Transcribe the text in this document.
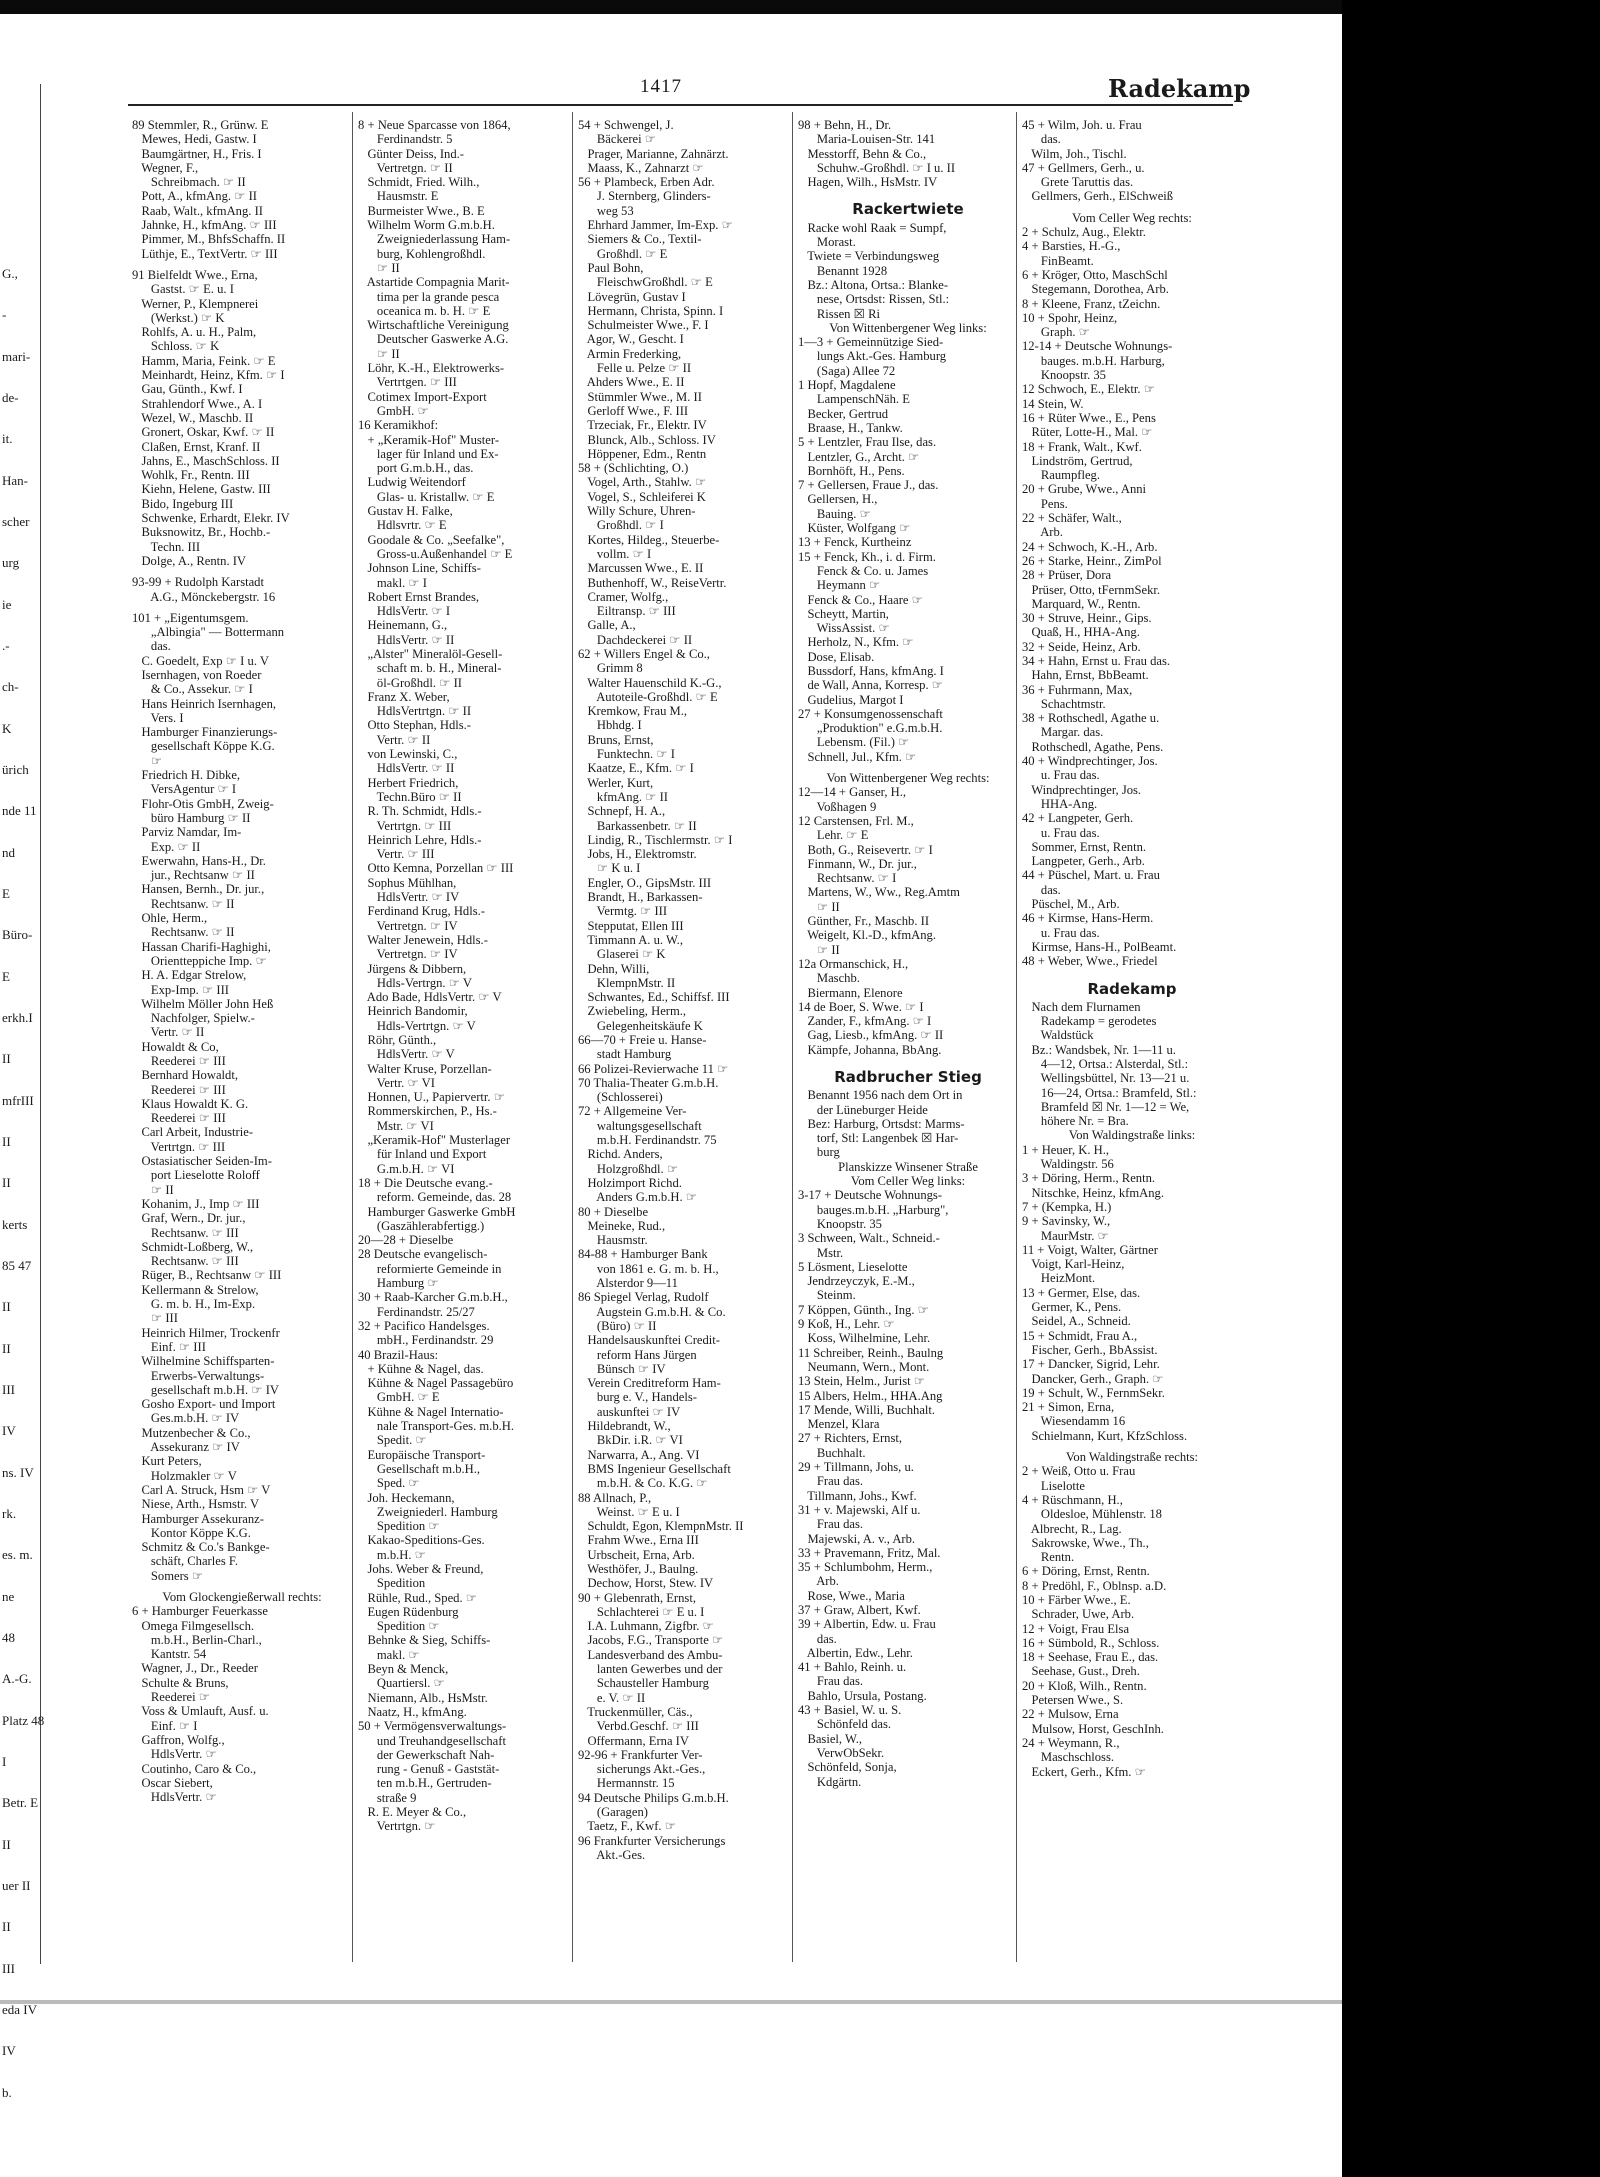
G.,
-
mari-
de-
it.
Han-
scher
urg
ie
.-
ch-
K
ürich
nde 11
nd
E
Büro-
E
erkh.I
II
mfrIII
II
II
kerts
85 47
II
II
III
IV
ns. IV
rk.
es. m.
ne
48
A.-G.
Platz 48
I
Betr. E
II
uer II
II
III
eda IV
IV
b.
1417	Radekamp
89 Stemmler, R., Grünw. E
Mewes, Hedi, Gastw. I
Baumgärtner, H., Fris. I
Wegner, F.,
Schreibmach. ☞ II
Pott, A., kfmAng. ☞ II
Raab, Walt., kfmAng. II
Jahnke, H., kfmAng. ☞ III
Pimmer, M., BhfsSchaffn. II
Lüthje, E., TextVertr. ☞ III
91 Bielfeldt Wwe., Erna,
Gastst. ☞ E. u. I
Werner, P., Klempnerei
(Werkst.) ☞ K
Rohlfs, A. u. H., Palm,
Schloss. ☞ K
Hamm, Maria, Feink. ☞ E
Meinhardt, Heinz, Kfm. ☞ I
Gau, Günth., Kwf. I
Strahlendorf Wwe., A. I
Wezel, W., Maschb. II
Gronert, Oskar, Kwf. ☞ II
Claßen, Ernst, Kranf. II
Jahns, E., MaschSchloss. II
Wohlk, Fr., Rentn. III
Kiehn, Helene, Gastw. III
Bido, Ingeburg III
Schwenke, Erhardt, Elekr. IV
Buksnowitz, Br., Hochb.-
Techn. III
Dolge, A., Rentn. IV
93-99 + Rudolph Karstadt
A.G., Mönckebergstr. 16
101 + „Eigentumsgem.
„Albingia" — Bottermann
das.
C. Goedelt, Exp ☞ I u. V
Isernhagen, von Roeder
& Co., Assekur. ☞ I
Hans Heinrich Isernhagen,
Vers. I
Hamburger Finanzierungs-
gesellschaft Köppe K.G.
☞
Friedrich H. Dibke,
VersAgentur ☞ I
Flohr-Otis GmbH, Zweig-
büro Hamburg ☞ II
Parviz Namdar, Im-
Exp. ☞ II
Ewerwahn, Hans-H., Dr.
jur., Rechtsanw ☞ II
Hansen, Bernh., Dr. jur.,
Rechtsanw. ☞ II
Ohle, Herm.,
Rechtsanw. ☞ II
Hassan Charifi-Haghighi,
Orientteppiche Imp. ☞
H. A. Edgar Strelow,
Exp-Imp. ☞ III
Wilhelm Möller John Heß
Nachfolger, Spielw.-
Vertr. ☞ II
Howaldt & Co,
Reederei ☞ III
Bernhard Howaldt,
Reederei ☞ III
Klaus Howaldt K. G.
Reederei ☞ III
Carl Arbeit, Industrie-
Vertrtgn. ☞ III
Ostasiatischer Seiden-Im-
port Lieselotte Roloff
☞ II
Kohanim, J., Imp ☞ III
Graf, Wern., Dr. jur.,
Rechtsanw. ☞ III
Schmidt-Loßberg, W.,
Rechtsanw. ☞ III
Rüger, B., Rechtsanw ☞ III
Kellermann & Strelow,
G. m. b. H., Im-Exp.
☞ III
Heinrich Hilmer, Trockenfr
Einf. ☞ III
Wilhelmine Schiffsparten-
Erwerbs-Verwaltungs-
gesellschaft m.b.H. ☞ IV
Gosho Export- und Import
Ges.m.b.H. ☞ IV
Mutzenbecher & Co.,
Assekuranz ☞ IV
Kurt Peters,
Holzmakler ☞ V
Carl A. Struck, Hsm ☞ V
Niese, Arth., Hsmstr. V
Hamburger Assekuranz-
Kontor Köppe K.G.
Schmitz & Co.'s Bankge-
schäft, Charles F.
Somers ☞
Vom Glockengießerwall rechts:
6 + Hamburger Feuerkasse
Omega Filmgesellsch.
m.b.H., Berlin-Charl.,
Kantstr. 54
Wagner, J., Dr., Reeder
Schulte & Bruns,
Reederei ☞
Voss & Umlauft, Ausf. u.
Einf. ☞ I
Gaffron, Wolfg.,
HdlsVertr. ☞
Coutinho, Caro & Co.,
Oscar Siebert,
HdlsVertr. ☞
8 + Neue Sparcasse von 1864,
Ferdinandstr. 5
Günter Deiss, Ind.-
Vertretgn. ☞ II
Schmidt, Fried. Wilh.,
Hausmstr. E
Burmeister Wwe., B. E
Wilhelm Worm G.m.b.H.
Zweigniederlassung Ham-
burg, Kohlengroßhdl.
☞ II
Astartide Compagnia Marit-
tima per la grande pesca
oceanica m. b. H. ☞ E
Wirtschaftliche Vereinigung
Deutscher Gaswerke A.G.
☞ II
Löhr, K.-H., Elektrowerks-
Vertrtgen. ☞ III
Cotimex Import-Export
GmbH. ☞
16 Keramikhof:
+ „Keramik-Hof" Muster-
lager für Inland und Ex-
port G.m.b.H., das.
Ludwig Weitendorf
Glas- u. Kristallw. ☞ E
Gustav H. Falke,
Hdlsvrtr. ☞ E
Goodale & Co. „Seefalke",
Gross-u.Außenhandel ☞ E
Johnson Line, Schiffs-
makl. ☞ I
Robert Ernst Brandes,
HdlsVertr. ☞ I
Heinemann, G.,
HdlsVertr. ☞ II
„Alster" Mineralöl-Gesell-
schaft m. b. H., Mineral-
öl-Großhdl. ☞ II
Franz X. Weber,
HdlsVertrtgn. ☞ II
Otto Stephan, Hdls.-
Vertr. ☞ II
von Lewinski, C.,
HdlsVertr. ☞ II
Herbert Friedrich,
Techn.Büro ☞ II
R. Th. Schmidt, Hdls.-
Vertrtgn. ☞ III
Heinrich Lehre, Hdls.-
Vertr. ☞ III
Otto Kemna, Porzellan ☞ III
Sophus Mühlhan,
HdlsVertr. ☞ IV
Ferdinand Krug, Hdls.-
Vertretgn. ☞ IV
Walter Jenewein, Hdls.-
Vertretgn. ☞ IV
Jürgens & Dibbern,
Hdls-Vertrgn. ☞ V
Ado Bade, HdlsVertr. ☞ V
Heinrich Bandomir,
Hdls-Vertrtgn. ☞ V
Röhr, Günth.,
HdlsVertr. ☞ V
Walter Kruse, Porzellan-
Vertr. ☞ VI
Honnen, U., Papiervertr. ☞
Rommerskirchen, P., Hs.-
Mstr. ☞ VI
„Keramik-Hof" Musterlager
für Inland und Export
G.m.b.H. ☞ VI
18 + Die Deutsche evang.-
reform. Gemeinde, das. 28
Hamburger Gaswerke GmbH
(Gaszählerabfertigg.)
20—28 + Dieselbe
28 Deutsche evangelisch-
reformierte Gemeinde in
Hamburg ☞
30 + Raab-Karcher G.m.b.H.,
Ferdinandstr. 25/27
32 + Pacifico Handelsges.
mbH., Ferdinandstr. 29
40 Brazil-Haus:
+ Kühne & Nagel, das.
Kühne & Nagel Passagebüro
GmbH. ☞ E
Kühne & Nagel Internatio-
nale Transport-Ges. m.b.H.
Spedit. ☞
Europäische Transport-
Gesellschaft m.b.H.,
Sped. ☞
Joh. Heckemann,
Zweigniederl. Hamburg
Spedition ☞
Kakao-Speditions-Ges.
m.b.H. ☞
Johs. Weber & Freund,
Spedition
Rühle, Rud., Sped. ☞
Eugen Rüdenburg
Spedition ☞
Behnke & Sieg, Schiffs-
makl. ☞
Beyn & Menck,
Quartiersl. ☞
Niemann, Alb., HsMstr.
Naatz, H., kfmAng.
50 + Vermögensverwaltungs-
und Treuhandgesellschaft
der Gewerkschaft Nah-
rung - Genuß - Gaststät-
ten m.b.H., Gertruden-
straße 9
R. E. Meyer & Co.,
Vertrtgn. ☞
54 + Schwengel, J.
Bäckerei ☞
Prager, Marianne, Zahnärzt.
Maass, K., Zahnarzt ☞
56 + Plambeck, Erben Adr.
J. Sternberg, Glinders-
weg 53
Ehrhard Jammer, Im-Exp. ☞
Siemers & Co., Textil-
Großhdl. ☞ E
Paul Bohn,
FleischwGroßhdl. ☞ E
Lövegrün, Gustav I
Hermann, Christa, Spinn. I
Schulmeister Wwe., F. I
Agor, W., Gescht. I
Armin Frederking,
Felle u. Pelze ☞ II
Ahders Wwe., E. II
Stümmler Wwe., M. II
Gerloff Wwe., F. III
Trzeciak, Fr., Elektr. IV
Blunck, Alb., Schloss. IV
Höppener, Edm., Rentn
58 + (Schlichting, O.)
Vogel, Arth., Stahlw. ☞
Vogel, S., Schleiferei K
Willy Schure, Uhren-
Großhdl. ☞ I
Kortes, Hildeg., Steuerbe-
vollm. ☞ I
Marcussen Wwe., E. II
Buthenhoff, W., ReiseVertr.
Cramer, Wolfg.,
Eiltransp. ☞ III
Galle, A.,
Dachdeckerei ☞ II
62 + Willers Engel & Co.,
Grimm 8
Walter Hauenschild K.-G.,
Autoteile-Großhdl. ☞ E
Kremkow, Frau M.,
Hbhdg. I
Bruns, Ernst,
Funktechn. ☞ I
Kaatze, E., Kfm. ☞ I
Werler, Kurt,
kfmAng. ☞ II
Schnepf, H. A.,
Barkassenbetr. ☞ II
Lindig, R., Tischlermstr. ☞ I
Jobs, H., Elektromstr.
☞ K u. I
Engler, O., GipsMstr. III
Brandt, H., Barkassen-
Vermtg. ☞ III
Stepputat, Ellen III
Timmann A. u. W.,
Glaserei ☞ K
Dehn, Willi,
KlempnMstr. II
Schwantes, Ed., Schiffsf. III
Zwiebeling, Herm.,
Gelegenheitskäufe K
66—70 + Freie u. Hanse-
stadt Hamburg
66 Polizei-Revierwache 11 ☞
70 Thalia-Theater G.m.b.H.
(Schlosserei)
72 + Allgemeine Ver-
waltungsgesellschaft
m.b.H. Ferdinandstr. 75
Richd. Anders,
Holzgroßhdl. ☞
Holzimport Richd.
Anders G.m.b.H. ☞
80 + Dieselbe
Meineke, Rud.,
Hausmstr.
84-88 + Hamburger Bank
von 1861 e. G. m. b. H.,
Alsterdor 9—11
86 Spiegel Verlag, Rudolf
Augstein G.m.b.H. & Co.
(Büro) ☞ II
Handelsauskunftei Credit-
reform Hans Jürgen
Bünsch ☞ IV
Verein Creditreform Ham-
burg e. V., Handels-
auskunftei ☞ IV
Hildebrandt, W.,
BkDir. i.R. ☞ VI
Narwarra, A., Ang. VI
BMS Ingenieur Gesellschaft
m.b.H. & Co. K.G. ☞
88 Allnach, P.,
Weinst. ☞ E u. I
Schuldt, Egon, KlempnMstr. II
Frahm Wwe., Erna III
Urbscheit, Erna, Arb.
Westhöfer, J., Baulng.
Dechow, Horst, Stew. IV
90 + Glebenrath, Ernst,
Schlachterei ☞ E u. I
I.A. Luhmann, Zigfbr. ☞
Jacobs, F.G., Transporte ☞
Landesverband des Ambu-
lanten Gewerbes und der
Schausteller Hamburg
e. V. ☞ II
Truckenmüller, Cäs.,
Verbd.Geschf. ☞ III
Offermann, Erna IV
92-96 + Frankfurter Ver-
sicherungs Akt.-Ges.,
Hermannstr. 15
94 Deutsche Philips G.m.b.H.
(Garagen)
Taetz, F., Kwf. ☞
96 Frankfurter Versicherungs
Akt.-Ges.
98 + Behn, H., Dr.
Maria-Louisen-Str. 141
Messtorff, Behn & Co.,
Schuhw.-Großhdl. ☞ I u. II
Hagen, Wilh., HsMstr. IV
Rackertwiete
Racke wohl Raak = Sumpf,
Morast.
Twiete = Verbindungsweg
Benannt 1928
Bz.: Altona, Ortsa.: Blanke-
nese, Ortsdst: Rissen, Stl.:
Rissen ☒ Ri
Von Wittenbergener Weg links:
1—3 + Gemeinnützige Sied-
lungs Akt.-Ges. Hamburg
(Saga) Allee 72
1 Hopf, Magdalene
LampenschNäh. E
Becker, Gertrud
Braase, H., Tankw.
5 + Lentzler, Frau Ilse, das.
Lentzler, G., Archt. ☞
Bornhöft, H., Pens.
7 + Gellersen, Fraue J., das.
Gellersen, H.,
Bauing. ☞
Küster, Wolfgang ☞
13 + Fenck, Kurtheinz
15 + Fenck, Kh., i. d. Firm.
Fenck & Co. u. James
Heymann ☞
Fenck & Co., Haare ☞
Scheytt, Martin,
WissAssist. ☞
Herholz, N., Kfm. ☞
Dose, Elisab.
Bussdorf, Hans, kfmAng. I
de Wall, Anna, Korresp. ☞
Gudelius, Margot I
27 + Konsumgenossenschaft
„Produktion" e.G.m.b.H.
Lebensm. (Fil.) ☞
Schnell, Jul., Kfm. ☞
Von Wittenbergener Weg rechts:
12—14 + Ganser, H.,
Voßhagen 9
12 Carstensen, Frl. M.,
Lehr. ☞ E
Both, G., Reisevertr. ☞ I
Finmann, W., Dr. jur.,
Rechtsanw. ☞ I
Martens, W., Ww., Reg.Amtm
☞ II
Günther, Fr., Maschb. II
Weigelt, Kl.-D., kfmAng.
☞ II
12a Ormanschick, H.,
Maschb.
Biermann, Elenore
14 de Boer, S. Wwe. ☞ I
Zander, F., kfmAng. ☞ I
Gag, Liesb., kfmAng. ☞ II
Kämpfe, Johanna, BbAng.
Radbrucher Stieg
Benannt 1956 nach dem Ort in
der Lüneburger Heide
Bez: Harburg, Ortsdst: Marms-
torf, Stl: Langenbek ☒ Har-
burg
Planskizze Winsener Straße
Vom Celler Weg links:
3-17 + Deutsche Wohnungs-
bauges.m.b.H. „Harburg",
Knoopstr. 35
3 Schween, Walt., Schneid.-
Mstr.
5 Lösment, Lieselotte
Jendrzeyczyk, E.-M.,
Steinm.
7 Köppen, Günth., Ing. ☞
9 Koß, H., Lehr. ☞
Koss, Wilhelmine, Lehr.
11 Schreiber, Reinh., Baulng
Neumann, Wern., Mont.
13 Stein, Helm., Jurist ☞
15 Albers, Helm., HHA.Ang
17 Mende, Willi, Buchhalt.
Menzel, Klara
27 + Richters, Ernst,
Buchhalt.
29 + Tillmann, Johs, u.
Frau das.
Tillmann, Johs., Kwf.
31 + v. Majewski, Alf u.
Frau das.
Majewski, A. v., Arb.
33 + Pravemann, Fritz, Mal.
35 + Schlumbohm, Herm.,
Arb.
Rose, Wwe., Maria
37 + Graw, Albert, Kwf.
39 + Albertin, Edw. u. Frau
das.
Albertin, Edw., Lehr.
41 + Bahlo, Reinh. u.
Frau das.
Bahlo, Ursula, Postang.
43 + Basiel, W. u. S.
Schönfeld das.
Basiel, W.,
VerwObSekr.
Schönfeld, Sonja,
Kdgärtn.
45 + Wilm, Joh. u. Frau
das.
Wilm, Joh., Tischl.
47 + Gellmers, Gerh., u.
Grete Taruttis das.
Gellmers, Gerh., ElSchweiß
Vom Celler Weg rechts:
2 + Schulz, Aug., Elektr.
4 + Barsties, H.-G.,
FinBeamt.
6 + Kröger, Otto, MaschSchl
Stegemann, Dorothea, Arb.
8 + Kleene, Franz, tZeichn.
10 + Spohr, Heinz,
Graph. ☞
12-14 + Deutsche Wohnungs-
bauges. m.b.H. Harburg,
Knoopstr. 35
12 Schwoch, E., Elektr. ☞
14 Stein, W.
16 + Rüter Wwe., E., Pens
Rüter, Lotte-H., Mal. ☞
18 + Frank, Walt., Kwf.
Lindström, Gertrud,
Raumpfleg.
20 + Grube, Wwe., Anni
Pens.
22 + Schäfer, Walt.,
Arb.
24 + Schwoch, K.-H., Arb.
26 + Starke, Heinr., ZimPol
28 + Prüser, Dora
Prüser, Otto, tFernmSekr.
Marquard, W., Rentn.
30 + Struve, Heinr., Gips.
Quaß, H., HHA-Ang.
32 + Seide, Heinz, Arb.
34 + Hahn, Ernst u. Frau das.
Hahn, Ernst, BbBeamt.
36 + Fuhrmann, Max,
Schachtmstr.
38 + Rothschedl, Agathe u.
Margar. das.
Rothschedl, Agathe, Pens.
40 + Windprechtinger, Jos.
u. Frau das.
Windprechtinger, Jos.
HHA-Ang.
42 + Langpeter, Gerh.
u. Frau das.
Sommer, Ernst, Rentn.
Langpeter, Gerh., Arb.
44 + Püschel, Mart. u. Frau
das.
Püschel, M., Arb.
46 + Kirmse, Hans-Herm.
u. Frau das.
Kirmse, Hans-H., PolBeamt.
48 + Weber, Wwe., Friedel
Radekamp
Nach dem Flurnamen
Radekamp = gerodetes
Waldstück
Bz.: Wandsbek, Nr. 1—11 u.
4—12, Ortsa.: Alsterdal, Stl.:
Wellingsbüttel, Nr. 13—21 u.
16—24, Ortsa.: Bramfeld, Stl.:
Bramfeld ☒ Nr. 1—12 = We,
höhere Nr. = Bra.
Von Waldingstraße links:
1 + Heuer, K. H.,
Waldingstr. 56
3 + Döring, Herm., Rentn.
Nitschke, Heinz, kfmAng.
7 + (Kempka, H.)
9 + Savinsky, W.,
MaurMstr. ☞
11 + Voigt, Walter, Gärtner
Voigt, Karl-Heinz,
HeizMont.
13 + Germer, Else, das.
Germer, K., Pens.
Seidel, A., Schneid.
15 + Schmidt, Frau A.,
Fischer, Gerh., BbAssist.
17 + Dancker, Sigrid, Lehr.
Dancker, Gerh., Graph. ☞
19 + Schult, W., FernmSekr.
21 + Simon, Erna,
Wiesendamm 16
Schielmann, Kurt, KfzSchloss.
Von Waldingstraße rechts:
2 + Weiß, Otto u. Frau
Liselotte
4 + Rüschmann, H.,
Oldesloe, Mühlenstr. 18
Albrecht, R., Lag.
Sakrowske, Wwe., Th.,
Rentn.
6 + Döring, Ernst, Rentn.
8 + Predöhl, F., Oblnsp. a.D.
10 + Färber Wwe., E.
Schrader, Uwe, Arb.
12 + Voigt, Frau Elsa
16 + Sümbold, R., Schloss.
18 + Seehase, Frau E., das.
Seehase, Gust., Dreh.
20 + Kloß, Wilh., Rentn.
Petersen Wwe., S.
22 + Mulsow, Erna
Mulsow, Horst, GeschInh.
24 + Weymann, R.,
Maschschloss.
Eckert, Gerh., Kfm. ☞
